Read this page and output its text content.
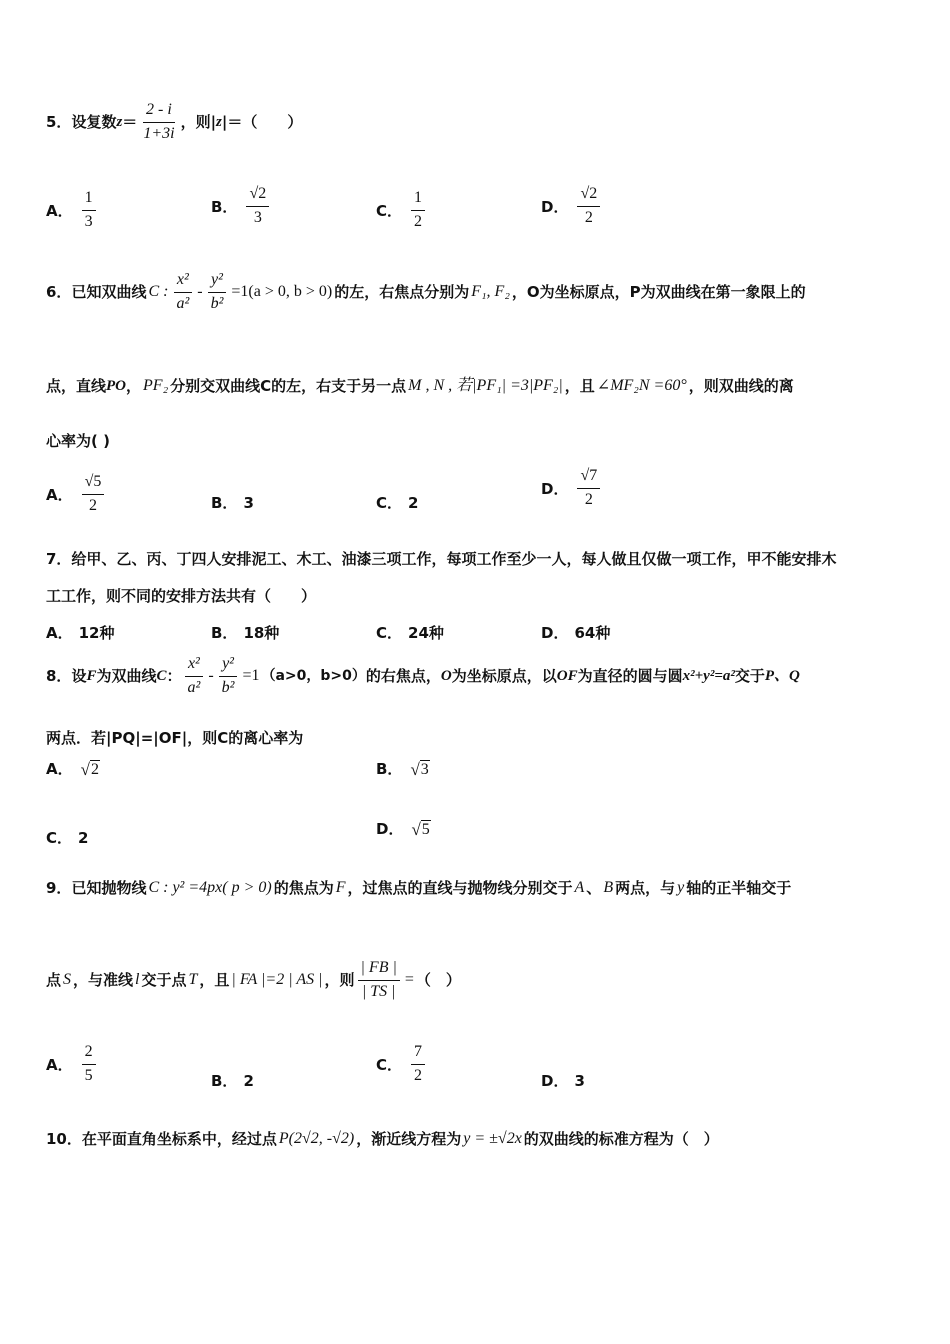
5． 设复数 $z = \frac{2 - i}{1+3i}$ ，则| z |＝（　　）
A． $\frac{1}{3}$	B． $\frac{√2}{3}$	C． $\frac{1}{2}$	D． $\frac{√2}{2}$
6． 已知双曲线 C : $\frac{\text{x²}}{\text{a²}} - \frac{\text{y²}}{\text{b²}} =1(a > 0$, b > 0) 的左，右焦点分别为 F₁, F₂ ，O为坐标原点，P为双曲线在第一象限上的
点，直线 PO ， PF₂ 分别交双曲线C的左，右支于另一点 M , N , 若|PF₁| =3|PF₂| ，且 ∠MF₂N =60° ，则双曲线的离
心率为( )
A． $\frac{√5}{2}$	B． 3	C． 2
D． $\frac{√7}{2}$
7．给甲、乙、丙、丁四人安排泥工、木工、油漆三项工作，每项工作至少一人，每人做且仅做一项工作，甲不能安排木
工工作，则不同的安排方法共有（　　）
A． 12种	B． 18种	C． 24种	D． 64种
8． 设 F 为双曲线 C ： $\frac{\text{x²}}{\text{a²}} - \frac{\text{y²}}{\text{b²}} =1$ （a>0，b>0） 的右焦点， O 为坐标原点，以 OF 为直径的圆与圆 x²+y²=a² 交于 P、Q
两点．若|PQ|=|OF|，则C的离心率为
A． √ 2	B． √ 3
C． 2	D． √ 5
9． 已知抛物线 C : y² =4px( p > 0) 的焦点为 F ，过焦点的直线与抛物线分别交于 A 、 B 两点，与 y 轴的正半轴交于
点 S ，与准线 l 交于点 T ，且 | FA |=2 | AS | ，则 $\frac{| FB |}{| TS |}$ = （　）
A． $\frac{2}{5}$	B． 2
C． $\frac{7}{2}$	D． 3
10． 在平面直角坐标系中，经过点 P(2√2, -√2) ，渐近线方程为 y = ±√2x 的双曲线的标准方程为（　）
